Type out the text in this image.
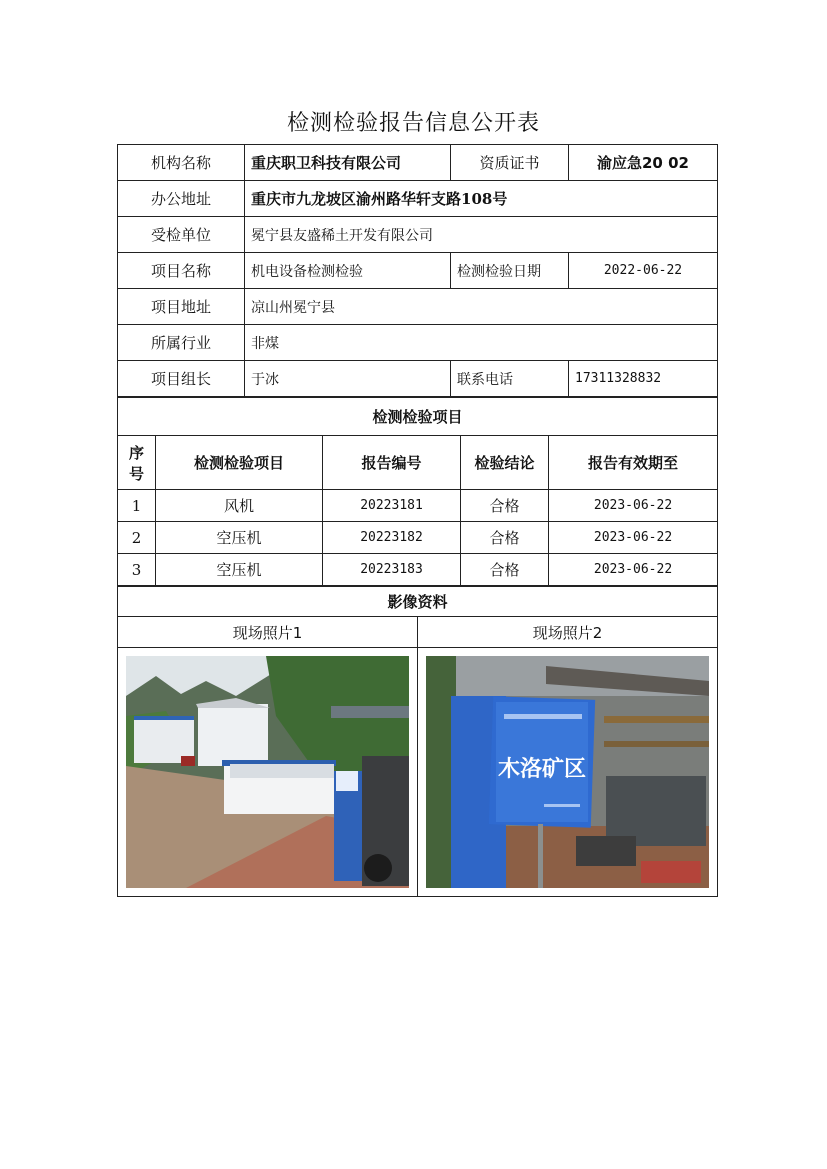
检测检验报告信息公开表
机构名称	重庆职卫科技有限公司	资质证书	渝应急20 02
办公地址	重庆市九龙坡区渝州路华轩支路108号		
受检单位	冕宁县友盛稀土开发有限公司		
项目名称	机电设备检测检验	检测检验日期	2022-06-22
项目地址	凉山州冕宁县		
所属行业	非煤		
项目组长	于冰	联系电话	17311328832
检测检验项目				
序号	检测检验项目	报告编号	检验结论	报告有效期至
1	风机	20223181	合格	2023-06-22
2	空压机	20223182	合格	2023-06-22
3	空压机	20223183	合格	2023-06-22
影像资料	
现场照片1	现场照片2

木洛矿区
